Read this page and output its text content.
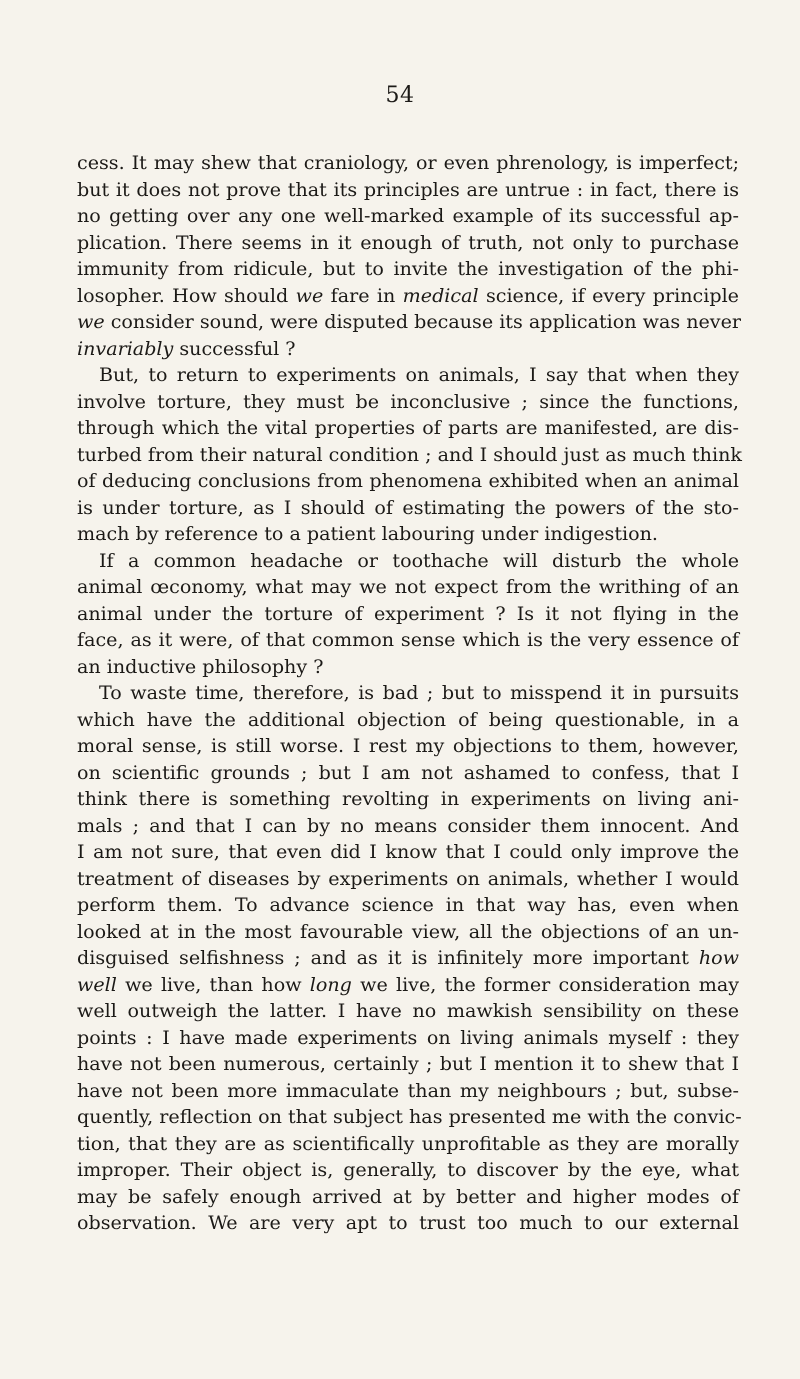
54
cess. It may shew that craniology, or even phrenology, is imperfect;
but it does not prove that its principles are untrue : in fact, there is
no getting over any one well-marked example of its successful ap-
plication. There seems in it enough of truth, not only to purchase
immunity from ridicule, but to invite the investigation of the phi-
losopher. How should we fare in medical science, if every principle
we consider sound, were disputed because its application was never
invariably successful ?
But, to return to experiments on animals, I say that when they
involve torture, they must be inconclusive ; since the functions,
through which the vital properties of parts are manifested, are dis-
turbed from their natural condition ; and I should just as much think
of deducing conclusions from phenomena exhibited when an animal
is under torture, as I should of estimating the powers of the sto-
mach by reference to a patient labouring under indigestion.
If a common headache or toothache will disturb the whole
animal œconomy, what may we not expect from the writhing of an
animal under the torture of experiment ? Is it not flying in the
face, as it were, of that common sense which is the very essence of
an inductive philosophy ?
To waste time, therefore, is bad ; but to misspend it in pursuits
which have the additional objection of being questionable, in a
moral sense, is still worse. I rest my objections to them, however,
on scientific grounds ; but I am not ashamed to confess, that I
think there is something revolting in experiments on living ani-
mals ; and that I can by no means consider them innocent. And
I am not sure, that even did I know that I could only improve the
treatment of diseases by experiments on animals, whether I would
perform them. To advance science in that way has, even when
looked at in the most favourable view, all the objections of an un-
disguised selfishness ; and as it is infinitely more important how
well we live, than how long we live, the former consideration may
well outweigh the latter. I have no mawkish sensibility on these
points : I have made experiments on living animals myself : they
have not been numerous, certainly ; but I mention it to shew that I
have not been more immaculate than my neighbours ; but, subse-
quently, reflection on that subject has presented me with the convic-
tion, that they are as scientifically unprofitable as they are morally
improper. Their object is, generally, to discover by the eye, what
may be safely enough arrived at by better and higher modes of
observation. We are very apt to trust too much to our external
